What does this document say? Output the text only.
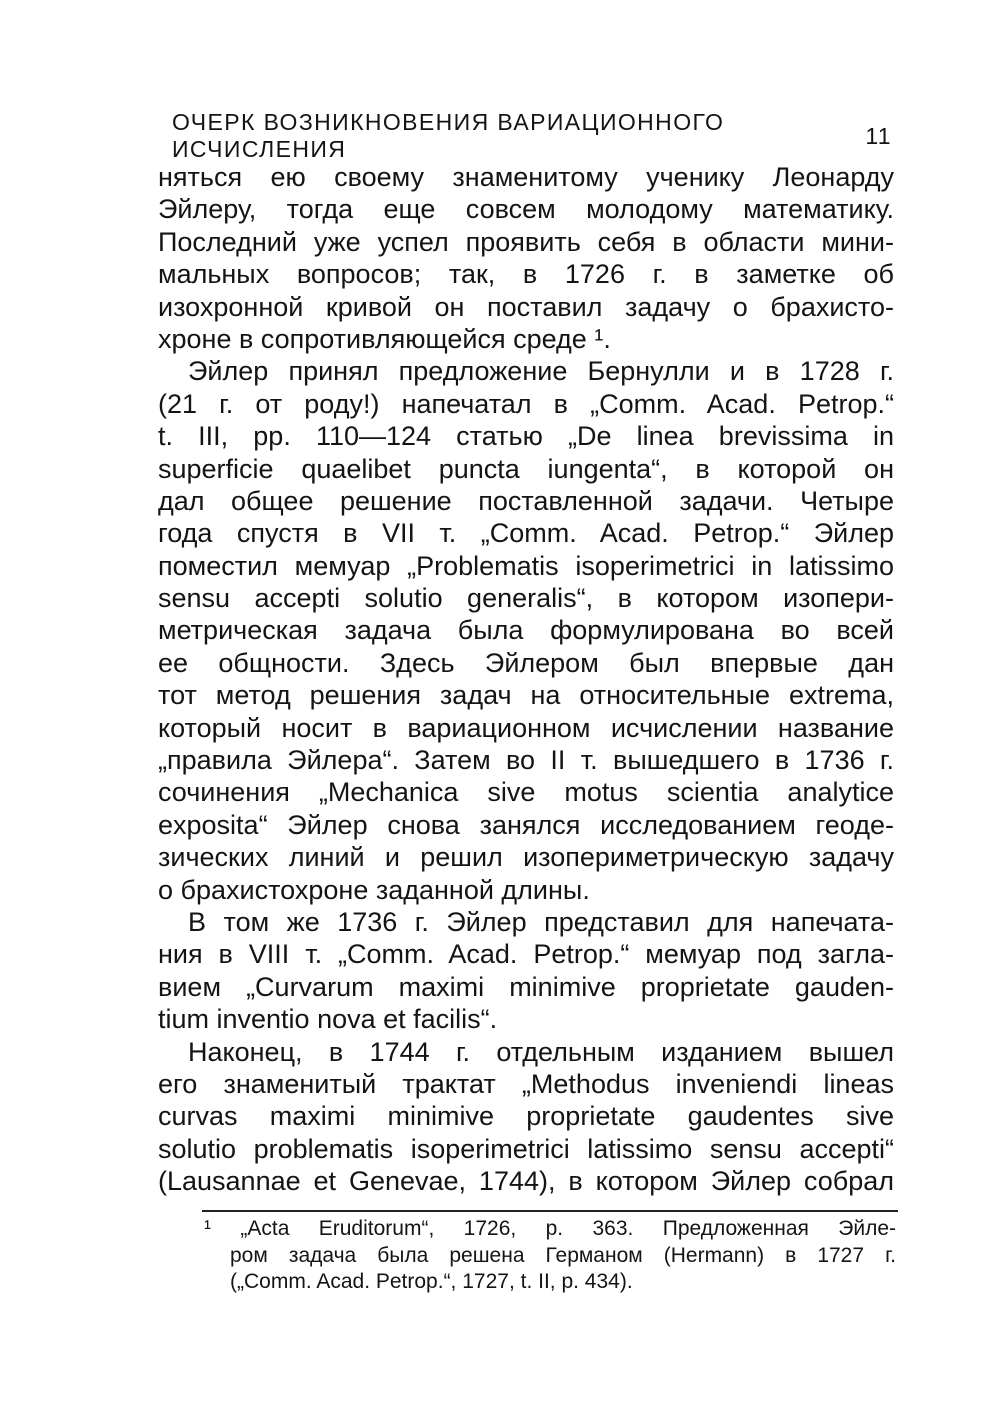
ОЧЕРК ВОЗНИКНОВЕНИЯ ВАРИАЦИОННОГО ИСЧИСЛЕНИЯ
11
няться ею своему знаменитому ученику Леонарду
Эйлеру, тогда еще совсем молодому математику.
Последний уже успел проявить себя в области мини-
мальных вопросов; так, в 1726 г. в заметке об
изохронной кривой он поставил задачу о брахисто-
хроне в сопротивляющейся среде ¹.
Эйлер принял предложение Бернулли и в 1728 г.
(21 г. от роду!) напечатал в „Comm. Acad. Petrop.“
t. III, pp. 110—124 статью „De linea brevissima in
superficie quaelibet puncta iungenta“, в которой он
дал общее решение поставленной задачи. Четыре
года спустя в VII т. „Comm. Acad. Petrop.“ Эйлер
поместил мемуар „Problematis isoperimetrici in latissimo
sensu accepti solutio generalis“, в котором изопери-
метрическая задача была формулирована во всей
ее общности. Здесь Эйлером был впервые дан
тот метод решения задач на относительные extrema,
который носит в вариационном исчислении название
„правила Эйлера“. Затем во II т. вышедшего в 1736 г.
сочинения „Mechanica sive motus scientia analytice
exposita“ Эйлер снова занялся исследованием геоде-
зических линий и решил изопериметрическую задачу
о брахистохроне заданной длины.
В том же 1736 г. Эйлер представил для напечата-
ния в VIII т. „Comm. Acad. Petrop.“ мемуар под загла-
вием „Curvarum maximi minimive proprietate gauden-
tium inventio nova et facilis“.
Наконец, в 1744 г. отдельным изданием вышел
его знаменитый трактат „Methodus inveniendi lineas
curvas maximi minimive proprietate gaudentes sive
solutio problematis isoperimetrici latissimo sensu accepti“
(Lausannae et Genevae, 1744), в котором Эйлер собрал
¹ „Acta Eruditorum“, 1726, p. 363. Предложенная Эйле-
ром задача была решена Германом (Hermann) в 1727 г.
(„Comm. Acad. Petrop.“, 1727, t. II, p. 434).
